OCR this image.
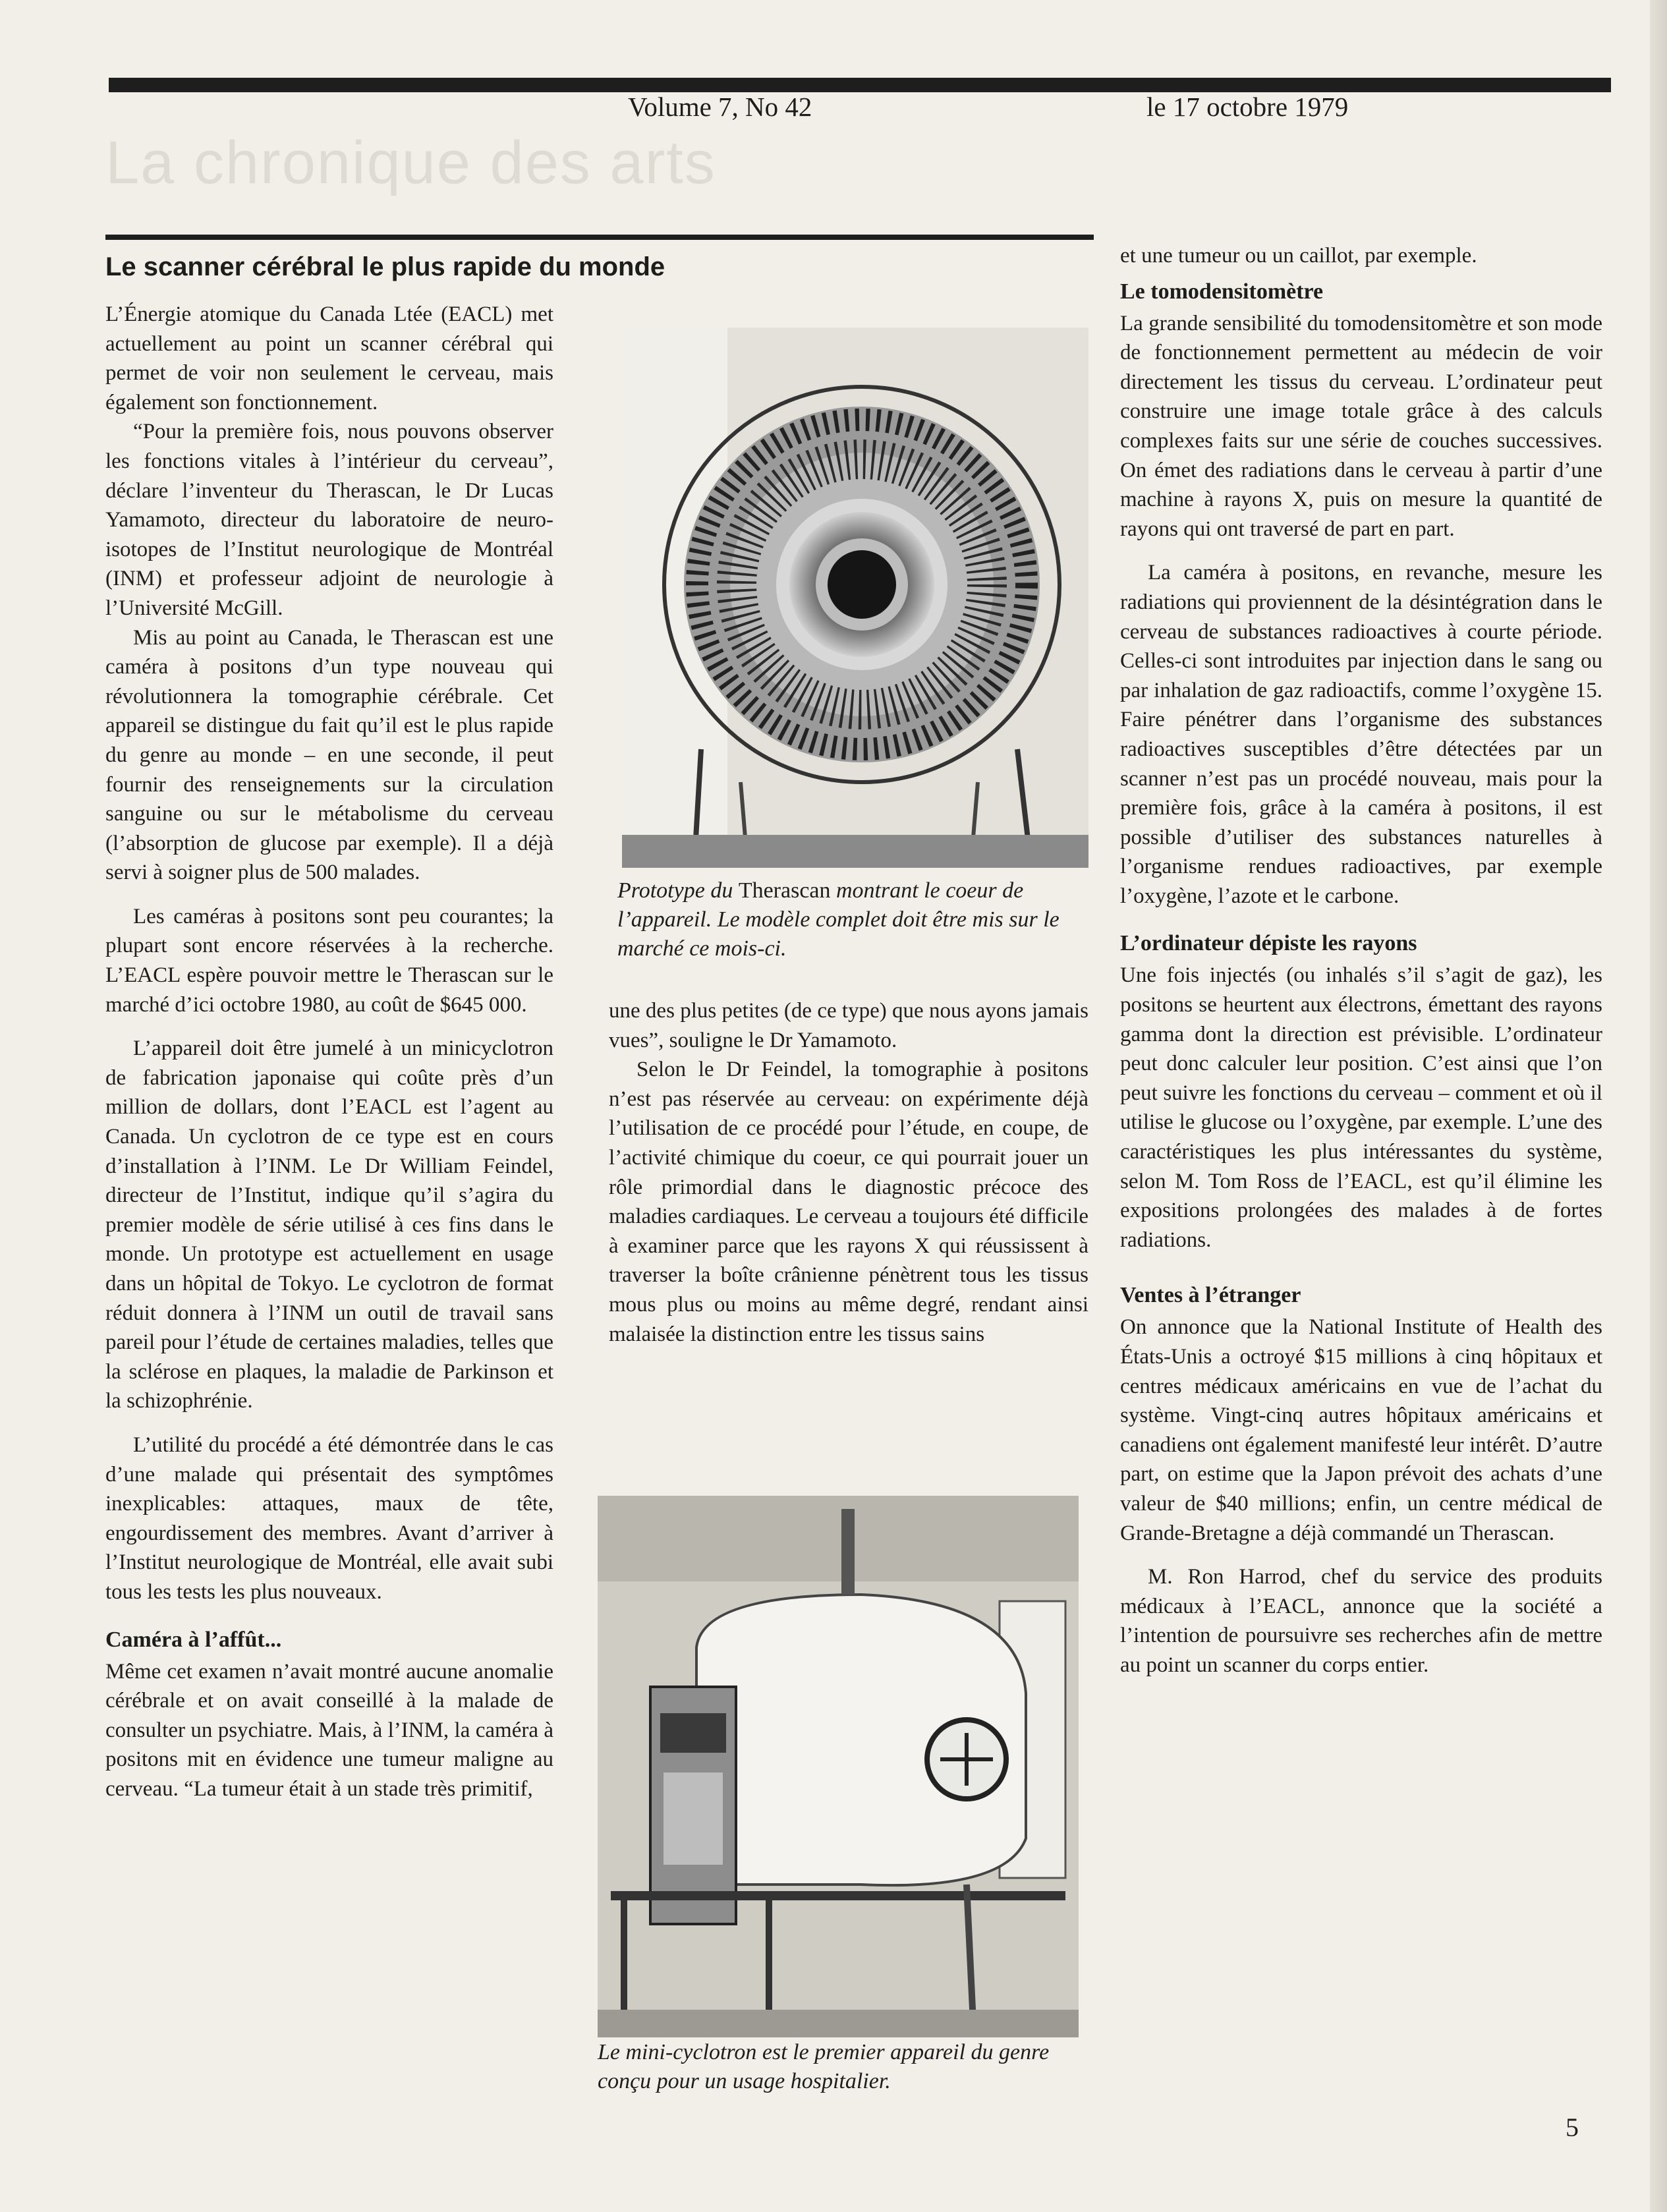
Volume 7, No 42	le 17 octobre 1979
La chronique des arts
Le scanner cérébral le plus rapide du monde

L’Énergie atomique du Canada Ltée (EACL) met actuellement au point un scanner cérébral qui permet de voir non seulement le cerveau, mais également son fonctionnement.

“Pour la première fois, nous pouvons observer les fonctions vitales à l’intérieur du cerveau”, déclare l’inventeur du Therascan, le Dr Lucas Yamamoto, directeur du laboratoire de neuro-isotopes de l’Institut neurologique de Montréal (INM) et professeur adjoint de neurologie à l’Université McGill.

Mis au point au Canada, le Therascan est une caméra à positons d’un type nouveau qui révolutionnera la tomographie cérébrale. Cet appareil se distingue du fait qu’il est le plus rapide du genre au monde – en une seconde, il peut fournir des renseignements sur la circulation sanguine ou sur le métabolisme du cerveau (l’absorption de glucose par exemple). Il a déjà servi à soigner plus de 500 malades.

Les caméras à positons sont peu courantes; la plupart sont encore réservées à la recherche. L’EACL espère pouvoir mettre le Therascan sur le marché d’ici octobre 1980, au coût de $645 000.

L’appareil doit être jumelé à un minicyclotron de fabrication japonaise qui coûte près d’un million de dollars, dont l’EACL est l’agent au Canada. Un cyclotron de ce type est en cours d’installation à l’INM. Le Dr William Feindel, directeur de l’Institut, indique qu’il s’agira du premier modèle de série utilisé à ces fins dans le monde. Un prototype est actuellement en usage dans un hôpital de Tokyo. Le cyclotron de format réduit donnera à l’INM un outil de travail sans pareil pour l’étude de certaines maladies, telles que la sclérose en plaques, la maladie de Parkinson et la schizophrénie.

L’utilité du procédé a été démontrée dans le cas d’une malade qui présentait des symptômes inexplicables: attaques, maux de tête, engourdissement des membres. Avant d’arriver à l’Institut neurologique de Montréal, elle avait subi tous les tests les plus nouveaux.

Caméra à l’affût...

Même cet examen n’avait montré aucune anomalie cérébrale et on avait conseillé à la malade de consulter un psychiatre. Mais, à l’INM, la caméra à positons mit en évidence une tumeur maligne au cerveau. “La tumeur était à un stade très primitif,

Prototype du Therascan montrant le coeur de l’appareil. Le modèle complet doit être mis sur le marché ce mois-ci.

une des plus petites (de ce type) que nous ayons jamais vues”, souligne le Dr Yamamoto.

Selon le Dr Feindel, la tomographie à positons n’est pas réservée au cerveau: on expérimente déjà l’utilisation de ce procédé pour l’étude, en coupe, de l’activité chimique du coeur, ce qui pourrait jouer un rôle primordial dans le diagnostic précoce des maladies cardiaques. Le cerveau a toujours été difficile à examiner parce que les rayons X qui réussissent à traverser la boîte crânienne pénètrent tous les tissus mous plus ou moins au même degré, rendant ainsi malaisée la distinction entre les tissus sains

Le mini-cyclotron est le premier appareil du genre conçu pour un usage hospitalier.

et une tumeur ou un caillot, par exemple.

Le tomodensitomètre

La grande sensibilité du tomodensitomètre et son mode de fonctionnement permettent au médecin de voir directement les tissus du cerveau. L’ordinateur peut construire une image totale grâce à des calculs complexes faits sur une série de couches successives. On émet des radiations dans le cerveau à partir d’une machine à rayons X, puis on mesure la quantité de rayons qui ont traversé de part en part.

La caméra à positons, en revanche, mesure les radiations qui proviennent de la désintégration dans le cerveau de substances radioactives à courte période. Celles-ci sont introduites par injection dans le sang ou par inhalation de gaz radioactifs, comme l’oxygène 15. Faire pénétrer dans l’organisme des substances radioactives susceptibles d’être détectées par un scanner n’est pas un procédé nouveau, mais pour la première fois, grâce à la caméra à positons, il est possible d’utiliser des substances naturelles à l’organisme rendues radioactives, par exemple l’oxygène, l’azote et le carbone.

L’ordinateur dépiste les rayons

Une fois injectés (ou inhalés s’il s’agit de gaz), les positons se heurtent aux électrons, émettant des rayons gamma dont la direction est prévisible. L’ordinateur peut donc calculer leur position. C’est ainsi que l’on peut suivre les fonctions du cerveau – comment et où il utilise le glucose ou l’oxygène, par exemple. L’une des caractéristiques les plus intéressantes du système, selon M. Tom Ross de l’EACL, est qu’il élimine les expositions prolongées des malades à de fortes radiations.

Ventes à l’étranger

On annonce que la National Institute of Health des États-Unis a octroyé $15 millions à cinq hôpitaux et centres médicaux américains en vue de l’achat du système. Vingt-cinq autres hôpitaux américains et canadiens ont également manifesté leur intérêt. D’autre part, on estime que la Japon prévoit des achats d’une valeur de $40 millions; enfin, un centre médical de Grande-Bretagne a déjà commandé un Therascan.

M. Ron Harrod, chef du service des produits médicaux à l’EACL, annonce que la société a l’intention de poursuivre ses recherches afin de mettre au point un scanner du corps entier.

5
